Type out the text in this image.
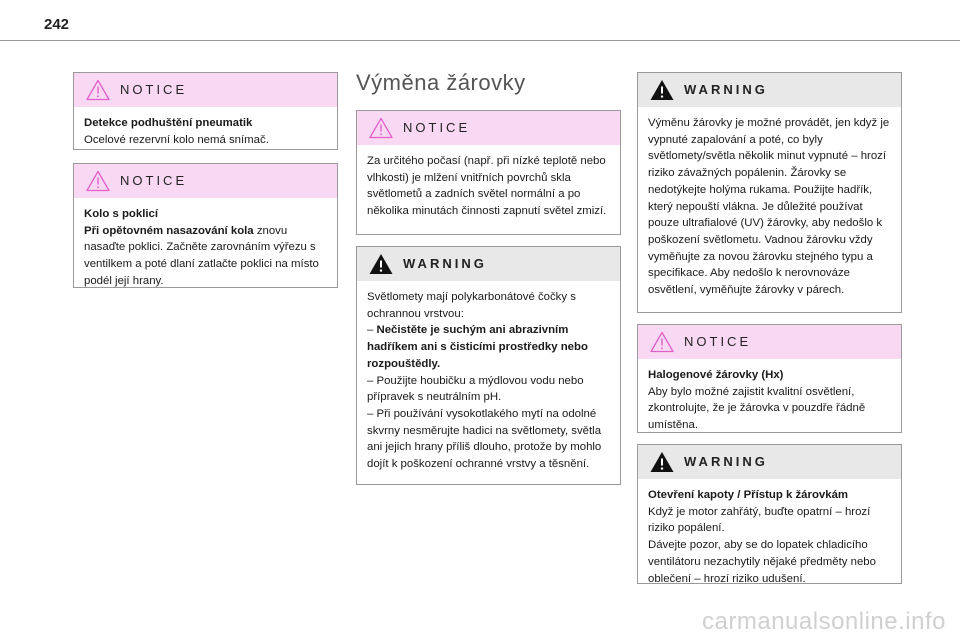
242
NOTICE

Detekce podhuštění pneumatik

Ocelové rezervní kolo nemá snímač.

NOTICE

Kolo s poklicí

Při opětovném nasazování kola znovu nasaďte poklici. Začněte zarovnáním výřezu s ventilkem a poté dlaní zatlačte poklici na místo podél její hrany.

Výměna žárovky
NOTICE

Za určitého počasí (např. při nízké teplotě nebo vlhkosti) je mlžení vnitřních povrchů skla světlometů a zadních světel normální a po několika minutách činnosti zapnutí světel zmizí.

WARNING

Světlomety mají polykarbonátové čočky s ochrannou vrstvou:

– Nečistěte je suchým ani abrazivním hadříkem ani s čisticími prostředky nebo rozpouštědly.

– Použijte houbičku a mýdlovou vodu nebo přípravek s neutrálním pH.

– Při používání vysokotlakého mytí na odolné skvrny nesměrujte hadici na světlomety, světla ani jejich hrany příliš dlouho, protože by mohlo dojít k poškození ochranné vrstvy a těsnění.

WARNING

Výměnu žárovky je možné provádět, jen když je vypnuté zapalování a poté, co byly světlomety/světla několik minut vypnuté – hrozí riziko závažných popálenin. Žárovky se nedotýkejte holýma rukama. Použijte hadřík, který nepouští vlákna. Je důležité používat pouze ultrafialové (UV) žárovky, aby nedošlo k poškození světlometu. Vadnou žárovku vždy vyměňujte za novou žárovku stejného typu a specifikace. Aby nedošlo k nerovnováze osvětlení, vyměňujte žárovky v párech.

NOTICE

Halogenové žárovky (Hx)

Aby bylo možné zajistit kvalitní osvětlení, zkontrolujte, že je žárovka v pouzdře řádně umístěna.

WARNING

Otevření kapoty / Přístup k žárovkám

Když je motor zahřátý, buďte opatrní – hrozí riziko popálení.

Dávejte pozor, aby se do lopatek chladicího ventilátoru nezachytily nějaké předměty nebo oblečení – hrozí riziko udušení.

carmanualsonline.info
